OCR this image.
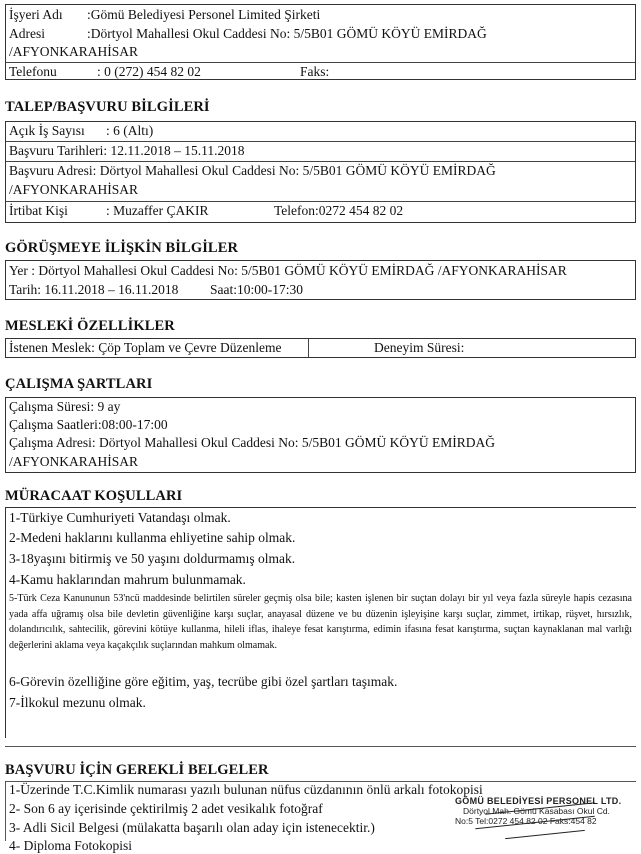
İşyeri Adı :Gömü Belediyesi Personel Limited Şirketi
Adresi	:Dörtyol Mahallesi Okul Caddesi No: 5/5B01 GÖMÜ KÖYÜ EMİRDAĞ
/AFYONKARAHİSAR
Telefonu	: 0 (272) 454 82 02	Faks:
TALEP/BAŞVURU BİLGİLERİ
Açık İş Sayısı : 6 (Altı)
Başvuru Tarihleri: 12.11.2018 – 15.11.2018
Başvuru Adresi: Dörtyol Mahallesi Okul Caddesi No: 5/5B01 GÖMÜ KÖYÜ EMİRDAĞ
/AFYONKARAHİSAR
İrtibat Kişi	: Muzaffer ÇAKIR	Telefon:0272 454 82 02
GÖRÜŞMEYE İLİŞKİN BİLGİLER
Yer : Dörtyol Mahallesi Okul Caddesi No: 5/5B01 GÖMÜ KÖYÜ EMİRDAĞ /AFYONKARAHİSAR
Tarih: 16.11.2018 – 16.11.2018 Saat:10:00-17:30
MESLEKİ ÖZELLİKLER
İstenen Meslek: Çöp Toplam ve Çevre Düzenleme	Deneyim Süresi:
ÇALIŞMA ŞARTLARI
Çalışma Süresi: 9 ay
Çalışma Saatleri:08:00-17:00
Çalışma Adresi: Dörtyol Mahallesi Okul Caddesi No: 5/5B01 GÖMÜ KÖYÜ EMİRDAĞ
/AFYONKARAHİSAR
MÜRACAAT KOŞULLARI
1-Türkiye Cumhuriyeti Vatandaşı olmak.
2-Medeni haklarını kullanma ehliyetine sahip olmak.
3-18yaşını bitirmiş ve 50 yaşını doldurmamış olmak.
4-Kamu haklarından mahrum bulunmamak.
5-Türk Ceza Kanununun 53'ncü maddesinde belirtilen süreler geçmiş olsa bile; kasten işlenen bir suçtan dolayı bir yıl veya fazla süreyle hapis cezasına yada affa uğramış olsa bile devletin güvenliğine karşı suçlar, anayasal düzene ve bu düzenin işleyişine karşı suçlar, zimmet, irtikap, rüşvet, hırsızlık, dolandırıcılık, sahtecilik, görevini kötüye kullanma, hileli iflas, ihaleye fesat karıştırma, edimin ifasına fesat karıştırma, suçtan kaynaklanan mal varlığı değerlerini aklama veya kaçakçılık suçlarından mahkum olmamak.
6-Görevin özelliğine göre eğitim, yaş, tecrübe gibi özel şartları taşımak.
7-İlkokul mezunu olmak.
BAŞVURU İÇİN GEREKLİ BELGELER
1-Üzerinde T.C.Kimlik numarası yazılı bulunan nüfus cüzdanının önlü arkalı fotokopisi
2- Son 6 ay içerisinde çektirilmiş 2 adet vesikalık fotoğraf
3- Adli Sicil Belgesi (mülakatta başarılı olan aday için istenecektir.)
4- Diploma Fotokopisi
GÖMÜ BELEDİYESİ PERSONEL LTD.
Dörtyol Mah. Gömü Kasabası Okul Cd.
No:5 Tel:0272 454 82 02 Faks:454 82
